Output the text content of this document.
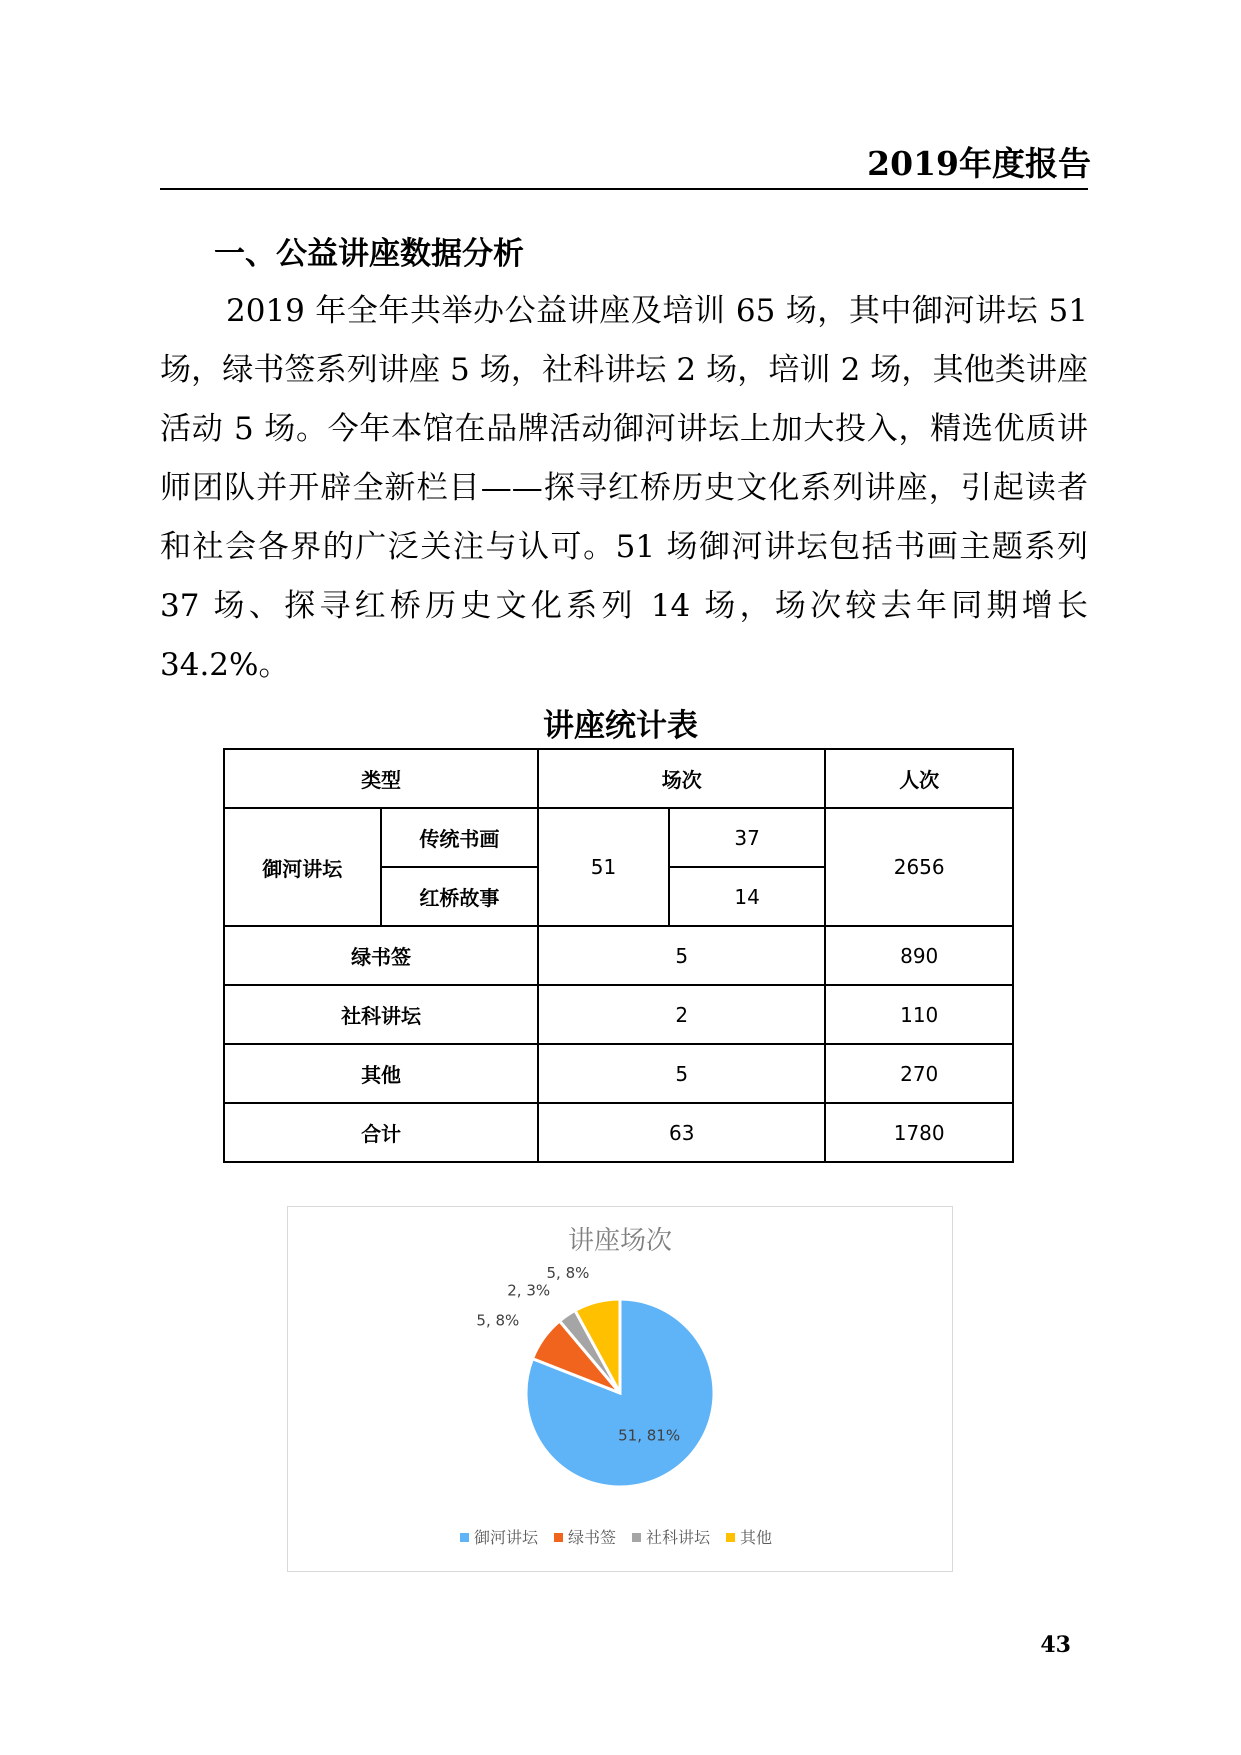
2019年度报告
一、公益讲座数据分析
2019 年全年共举办公益讲座及培训 65 场，其中御河讲坛 51 场，绿书签系列讲座 5 场，社科讲坛 2 场，培训 2 场，其他类讲座活动 5 场。今年本馆在品牌活动御河讲坛上加大投入，精选优质讲师团队并开辟全新栏目——探寻红桥历史文化系列讲座，引起读者和社会各界的广泛关注与认可。51 场御河讲坛包括书画主题系列 37 场、探寻红桥历史文化系列 14 场，场次较去年同期增长 34.2%。
讲座统计表
类型		场次		人次
御河讲坛	传统书画	51	37	2656
	红桥故事		14	
绿书签		5		890
社科讲坛		2		110
其他		5		270
合计		63		1780
讲座场次
51, 81%
5, 8%
2, 3%
5, 8%
御河讲坛 绿书签 社科讲坛 其他
43
